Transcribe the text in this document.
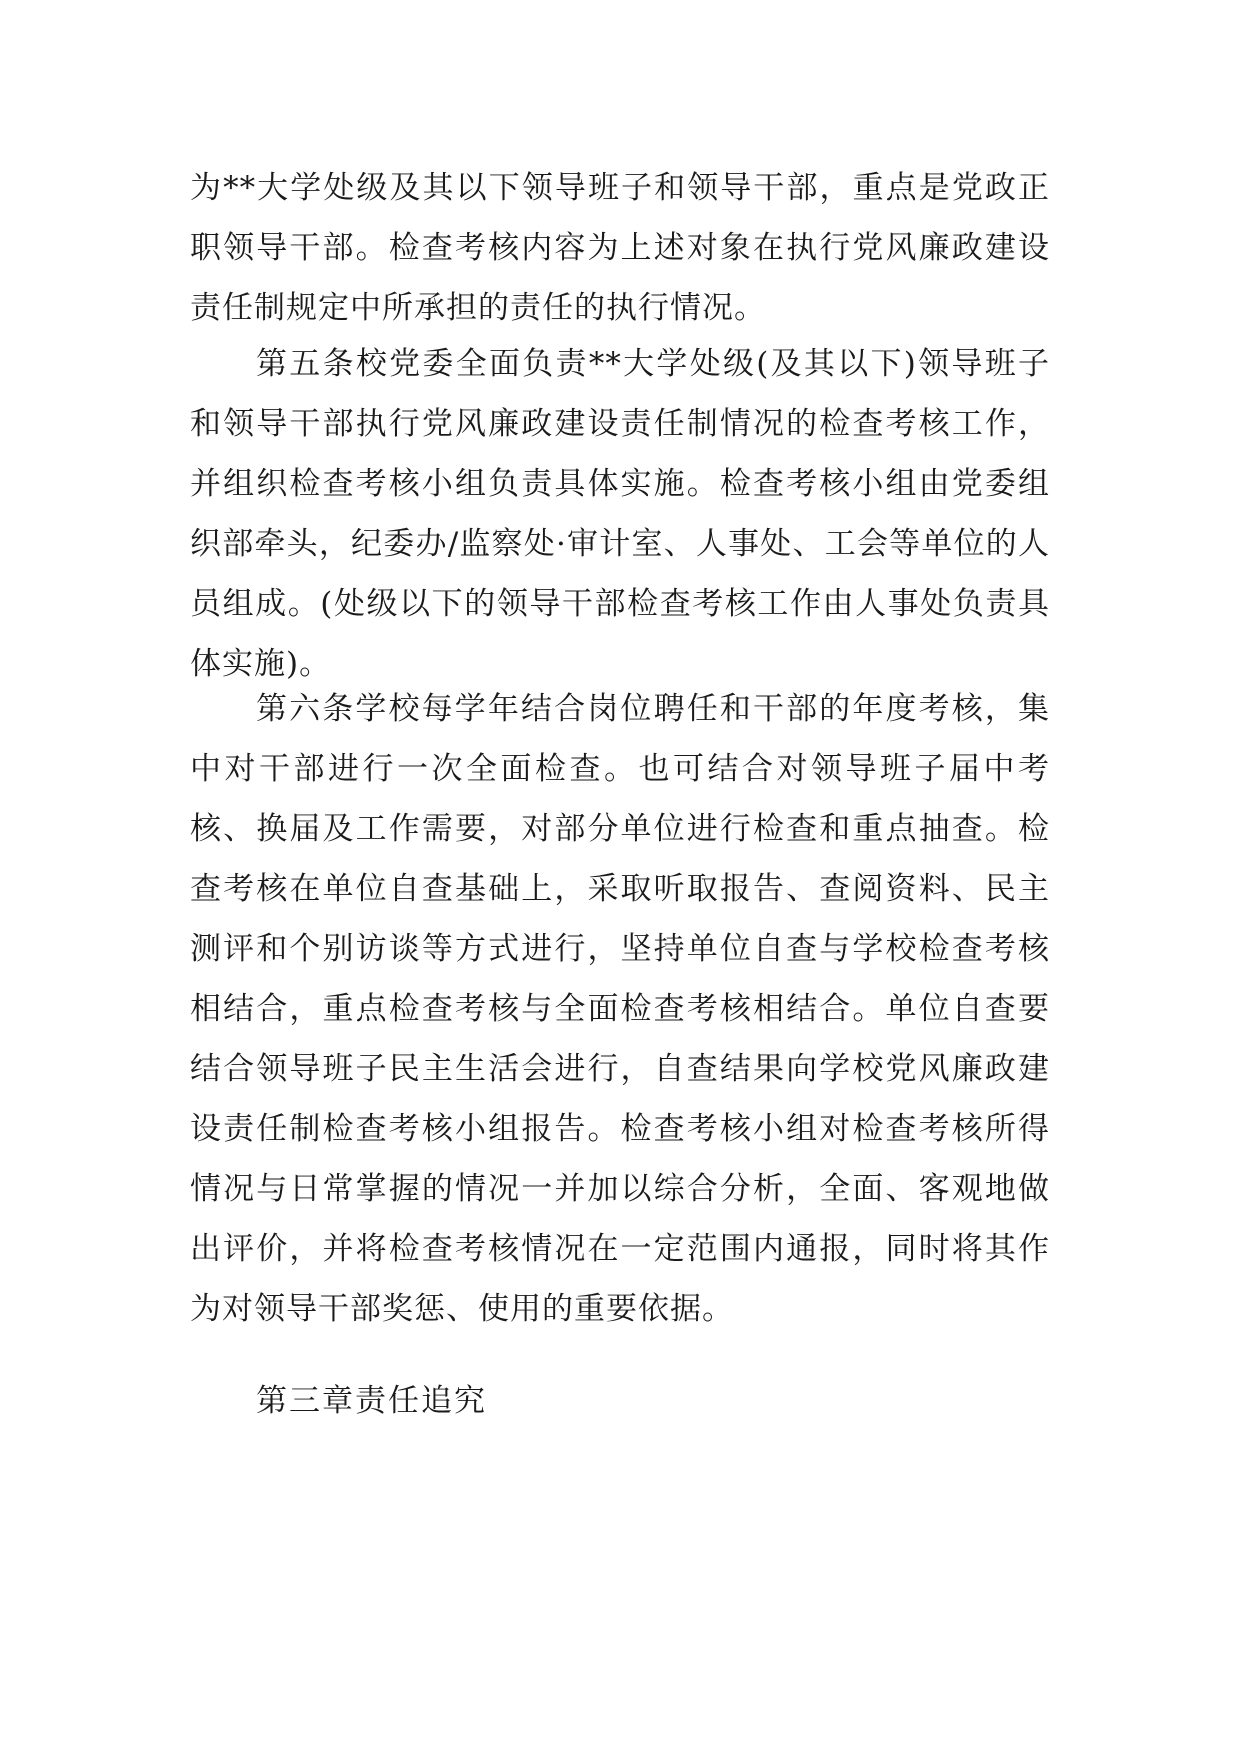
为**大学处级及其以下领导班子和领导干部，重点是党政正职领导干部。检查考核内容为上述对象在执行党风廉政建设责任制规定中所承担的责任的执行情况。

第五条校党委全面负责**大学处级(及其以下)领导班子和领导干部执行党风廉政建设责任制情况的检查考核工作，并组织检查考核小组负责具体实施。检查考核小组由党委组织部牵头，纪委办/监察处·审计室、人事处、工会等单位的人员组成。(处级以下的领导干部检查考核工作由人事处负责具体实施)。

第六条学校每学年结合岗位聘任和干部的年度考核，集中对干部进行一次全面检查。也可结合对领导班子届中考核、换届及工作需要，对部分单位进行检查和重点抽查。检查考核在单位自查基础上，采取听取报告、查阅资料、民主测评和个别访谈等方式进行，坚持单位自查与学校检查考核相结合，重点检查考核与全面检查考核相结合。单位自查要结合领导班子民主生活会进行，自查结果向学校党风廉政建设责任制检查考核小组报告。检查考核小组对检查考核所得情况与日常掌握的情况一并加以综合分析，全面、客观地做出评价，并将检查考核情况在一定范围内通报，同时将其作为对领导干部奖惩、使用的重要依据。

第三章责任追究
